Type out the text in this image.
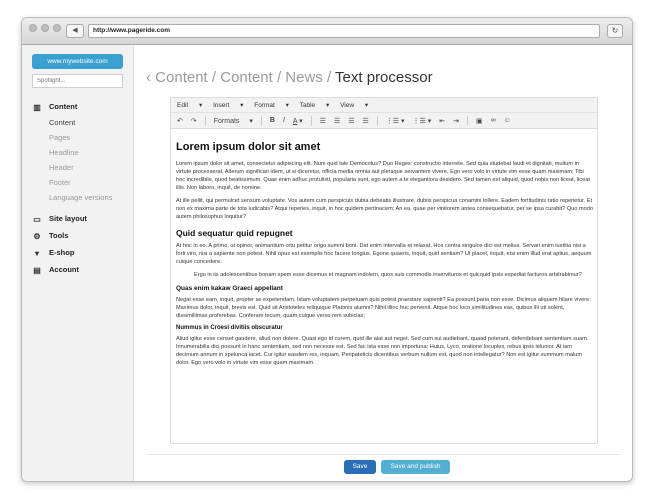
◀	http://www.pageride.com	↻
www.mywebsite.com
Spotlight...
▥ Content
Content
Pages
Headline
Header
Footer
Language versions
▭ Site layout
⚙ Tools
▾ E-shop
▤ Account
‹ Content / Content / News / Text processor
Edit ▾ Insert ▾ Format ▾ Table ▾ View ▾
↶ ↷ Formats ▾ B I A ▾ ☰ ☰ ☰ ☰ ⋮☰ ▾ ⋮☰ ▾ ⇤ ⇥ ▣ ∞ ☺
Lorem ipsum dolor sit amet

Lorem ipsum dolor sit amet, consectetur adipiscing elit. Num quid tale Democritus? Duo Reges: constructio interrete. Sed quia studebat laudi et dignitati, multum in virtute processerat. Alterum significari idem, ut si diceretur, officia media omnia aut pleraque servantem vivere. Ego vero volo in virtute vim esse quam maximam; Tibi hoc incredibile, quod beatissimum. Quae enim adhuc protulisti, popularia sunt, ego autem a te elegantiora desidero. Sed tamen est aliquid, quod nobis non liceat, liceat illis. Non laboro, inquit, de nomine.

At ille pellit, qui permulcet sensum voluptate. Vos autem cum perspicuis dubia debeatis illustrare, dubiis perspicua conamini tollere. Eadem fortitudinis ratio reperietur. Et non ex maxima parte de tota iudicabis? Atqui reperies, inquit, in hoc quidem pertinacem; An ea, quae per vinitorem antea consequebatur, per se ipsa curabit? Quo modo autem philosophus loquitur?

Quid sequatur quid repugnet

At hoc in eo. A primo, ut opinor, animantium ortu petitur origo summi boni. Dat enim intervalla et relaxat. Hos contra singulos dici est melius. Servari enim iustitia nisi a forti viro, nisi a sapiente non potest. Nihil opus est exemplis hoc facere longius. Egone quaeris, inquit, quid sentiam? Ut placet, inquit, etsi enim illud erat aptius, aequum cuique concedere.

Ergo in iis adolescentibus bonam spem esse dicemus et magnam indolem, quos suis commodis inservituros et quicquid ipsis expediat facturos arbitrabimur?

Quas enim kakaw Graeci appellant

Negat esse eam, inquit, propter se expetendam. Istam voluptatem perpetuam quis potest praestare sapienti? Ea possunt paria non esse. Dicimus aliquem hilare vivere; Maximus dolor, inquit, brevis est. Quid sit Aristoteles reliquique Platonis alumni? Nihil illinc huc pervenit. Atque hoc loco similitudines eas, quibus illi uti solent, dissimillimas proferebas. Conferam tecum, quam cuique verso rem subicias;

Nummus in Croesi divitiis obscuratur

Aliud igitur esse censet gaudere, aliud non dolere. Quasi ego id curem, quid ille aiat aut neget. Sed cum sui audiebant, quaad poterant, defendebant sententiam suam. Innumerabilia dici possunt in hanc sententiam, sed non necesse est. Sed fac ista esse non importuna; Huius, Lyco, oratione locuples, rebus ipsis ielunior. At iam decimum annum in spelunca iacet. Cur igitur easdem res, inquam, Peripateticis dicentibus verbum nullum est, quod non intellegatur? Non est igitur summum malum dolor. Ego vero volo in virtute vim esse quam maximam.

Save	Save and publish
